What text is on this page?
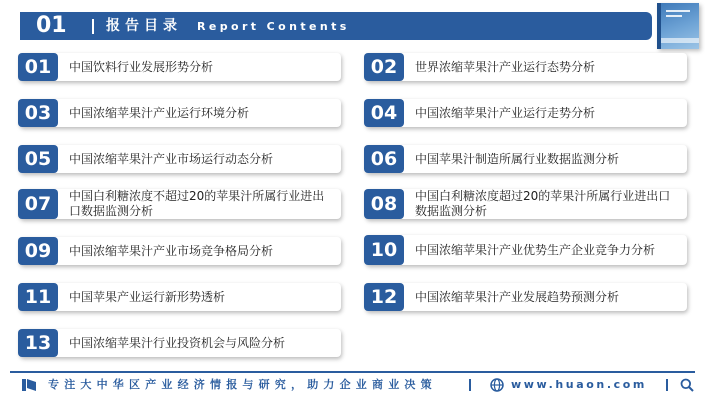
01	报告目录 Report Contents
01	中国饮料行业发展形势分析
03	中国浓缩苹果汁产业运行环境分析
05	中国浓缩苹果汁产业市场运行动态分析
07	中国白利糖浓度不超过20的苹果汁所属行业进出口数据监测分析
09	中国浓缩苹果汁产业市场竞争格局分析
11	中国苹果产业运行新形势透析
13	中国浓缩苹果汁行业投资机会与风险分析
02	世界浓缩苹果汁产业运行态势分析
04	中国浓缩苹果汁产业运行走势分析
06	中国苹果汁制造所属行业数据监测分析
08	中国白利糖浓度超过20的苹果汁所属行业进出口数据监测分析
10	中国浓缩苹果汁产业优势生产企业竞争力分析
12	中国浓缩苹果汁产业发展趋势预测分析
专注大中华区产业经济情报与研究，助力企业商业决策	www.huaon.com
